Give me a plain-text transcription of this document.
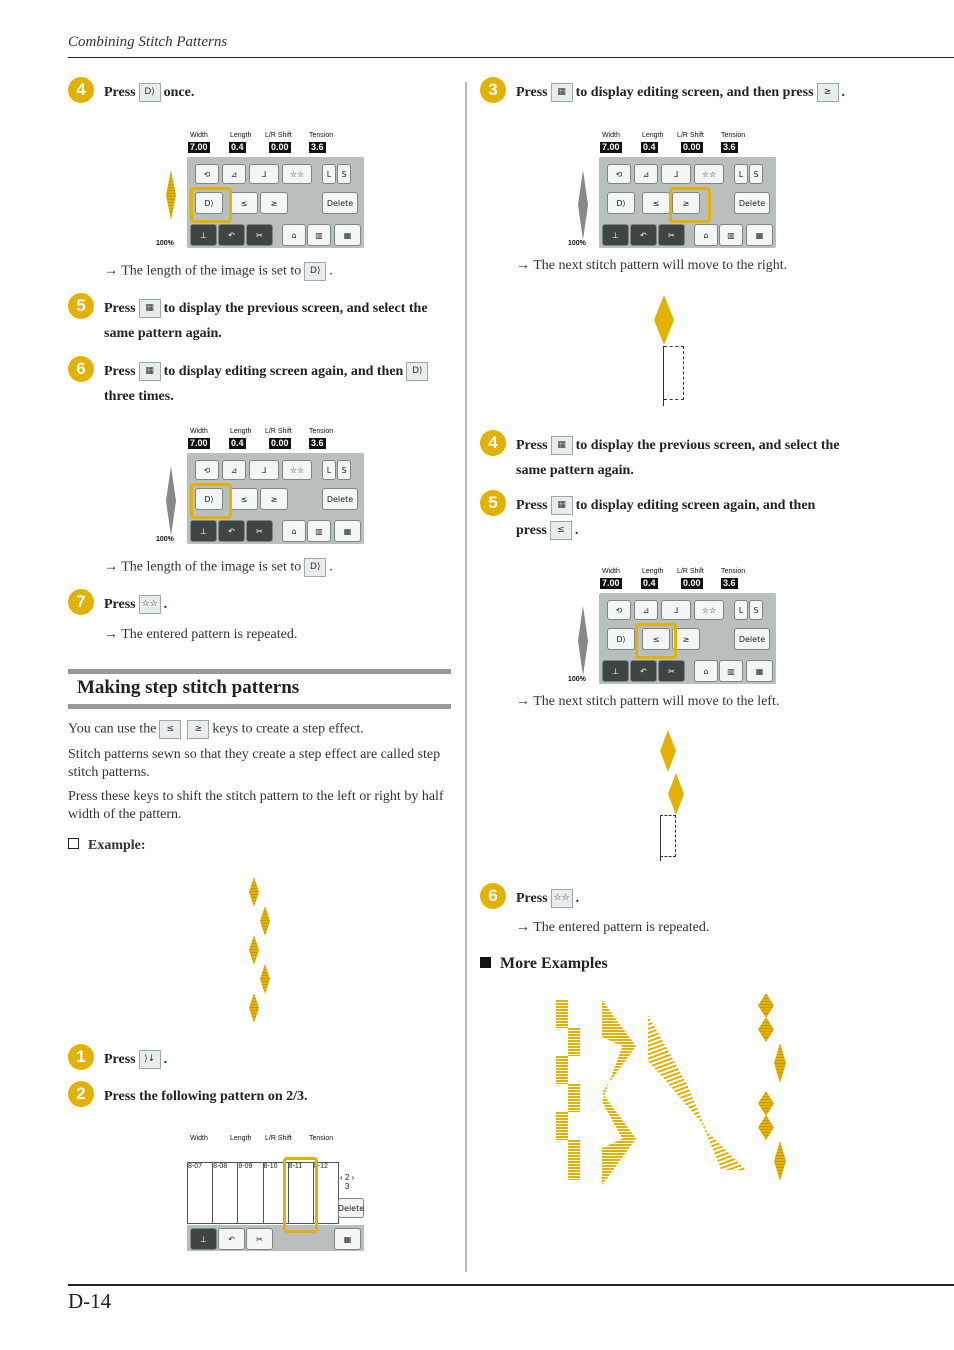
Combining Stitch Patterns
4	Press D⟩ once.
Width	Length L/R Shift Tension
7.00	0.4	0.00 3.6
100%
⟲	⊿	⅃	☆☆	L	S
D⟩	≤	≥	Delete
⊥	↶	✂	⌂	▥	▦
→ The length of the image is set to D⟩ .
5	Press ▦ to display the previous screen, and select the
same pattern again.
6	Press ▦ to display editing screen again, and then D⟩
three times.
Width	Length L/R Shift Tension
7.00	0.4	0.00 3.6
100%
⟲	⊿	⅃	☆☆	L	S
D⟩	≤	≥	Delete
⊥	↶	✂	⌂	▥	▦
→ The length of the image is set to D⟩ .
7	Press ☆☆ .
→ The entered pattern is repeated.
Making step stitch patterns
You can use the ≤ ≥ keys to create a step effect.
Stitch patterns sewn so that they create a step effect are called step stitch patterns.
Press these keys to shift the stitch pattern to the left or right by half width of the pattern.
Example:
1	Press ⟩↓ .
2	Press the following pattern on 2/3.
Width	Length L/R Shift Tension
8-07	8-08	8-09	8-10	8-11	8-12
‹ 2 ›
3
Delete
⊥	↶	✂	▦
3	Press ▦ to display editing screen, and then press ≥ .
Width	Length L/R Shift Tension
7.00	0.4	0.00 3.6
100%
⟲	⊿	⅃	☆☆	L	S
D⟩	≤	≥	Delete
⊥	↶	✂	⌂	▥	▦
→ The next stitch pattern will move to the right.
4	Press ▦ to display the previous screen, and select the
same pattern again.
5	Press ▦ to display editing screen again, and then
press ≤ .
Width	Length L/R Shift Tension
7.00	0.4	0.00 3.6
100%
⟲	⊿	⅃	☆☆	L	S
D⟩	≤	≥	Delete
⊥	↶	✂	⌂	▥	▦
→ The next stitch pattern will move to the left.
6	Press ☆☆ .
→ The entered pattern is repeated.
More Examples
D-14
